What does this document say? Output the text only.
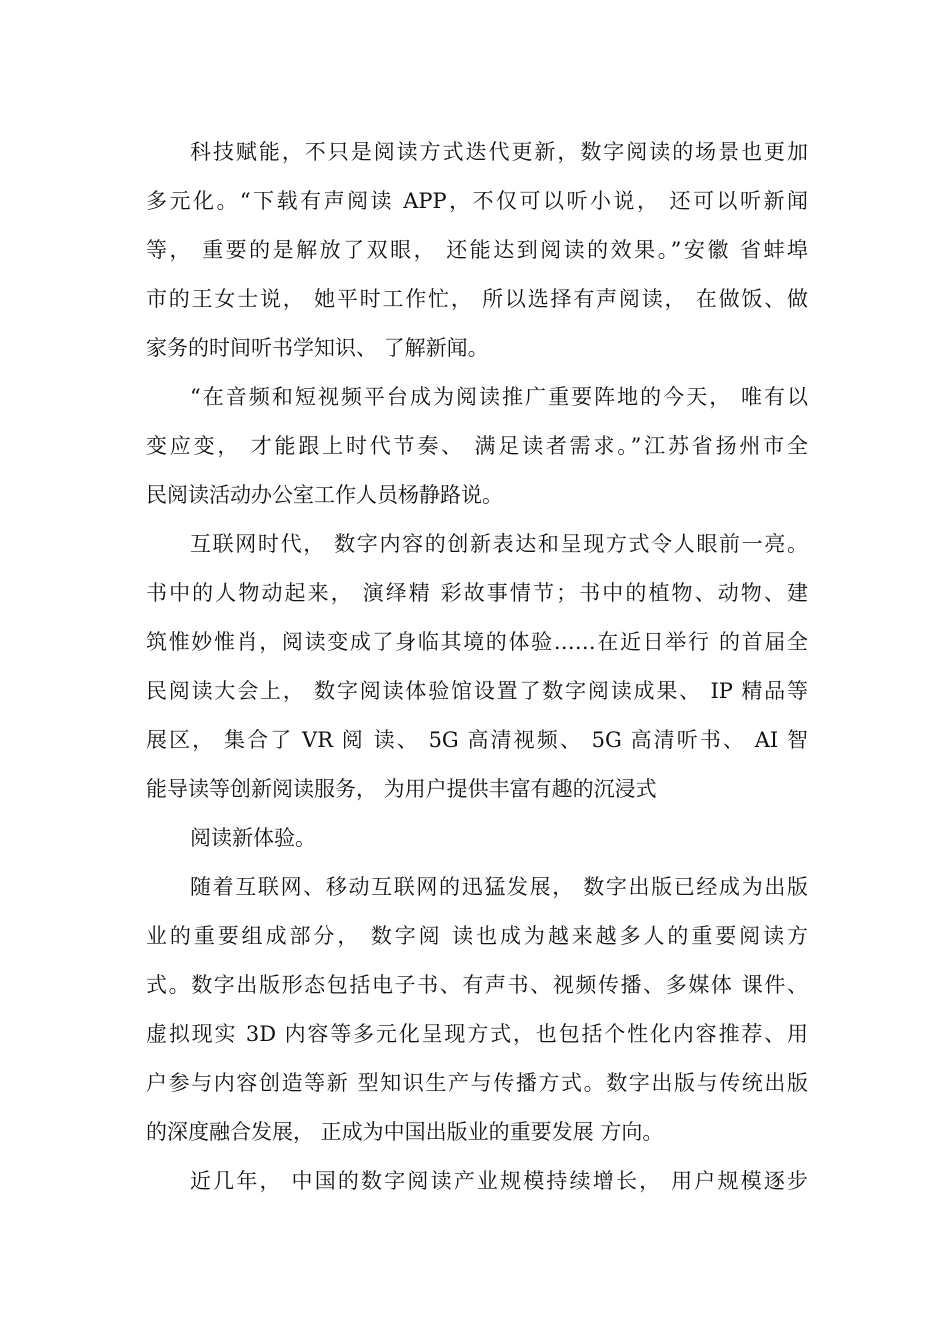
科技赋能，不只是阅读方式迭代更新，数字阅读的场景也更加
多元化。“下载有声阅读 APP，不仅可以听小说， 还可以听新闻
等， 重要的是解放了双眼， 还能达到阅读的效果。”安徽 省蚌埠
市的王女士说， 她平时工作忙， 所以选择有声阅读， 在做饭、做
家务的时间听书学知识、 了解新闻。
“在音频和短视频平台成为阅读推广重要阵地的今天， 唯有以
变应变， 才能跟上时代节奏、 满足读者需求。”江苏省扬州市全
民阅读活动办公室工作人员杨静路说。
互联网时代， 数字内容的创新表达和呈现方式令人眼前一亮。
书中的人物动起来， 演绎精 彩故事情节；书中的植物、动物、建
筑惟妙惟肖，阅读变成了身临其境的体验……在近日举行 的首届全
民阅读大会上， 数字阅读体验馆设置了数字阅读成果、 IP 精品等
展区， 集合了 VR 阅 读、 5G 高清视频、 5G 高清听书、 AI 智
能导读等创新阅读服务， 为用户提供丰富有趣的沉浸式
阅读新体验。
随着互联网、移动互联网的迅猛发展， 数字出版已经成为出版
业的重要组成部分， 数字阅 读也成为越来越多人的重要阅读方
式。数字出版形态包括电子书、有声书、视频传播、多媒体 课件、
虚拟现实 3D 内容等多元化呈现方式，也包括个性化内容推荐、用
户参与内容创造等新 型知识生产与传播方式。数字出版与传统出版
的深度融合发展， 正成为中国出版业的重要发展 方向。
近几年， 中国的数字阅读产业规模持续增长， 用户规模逐步
